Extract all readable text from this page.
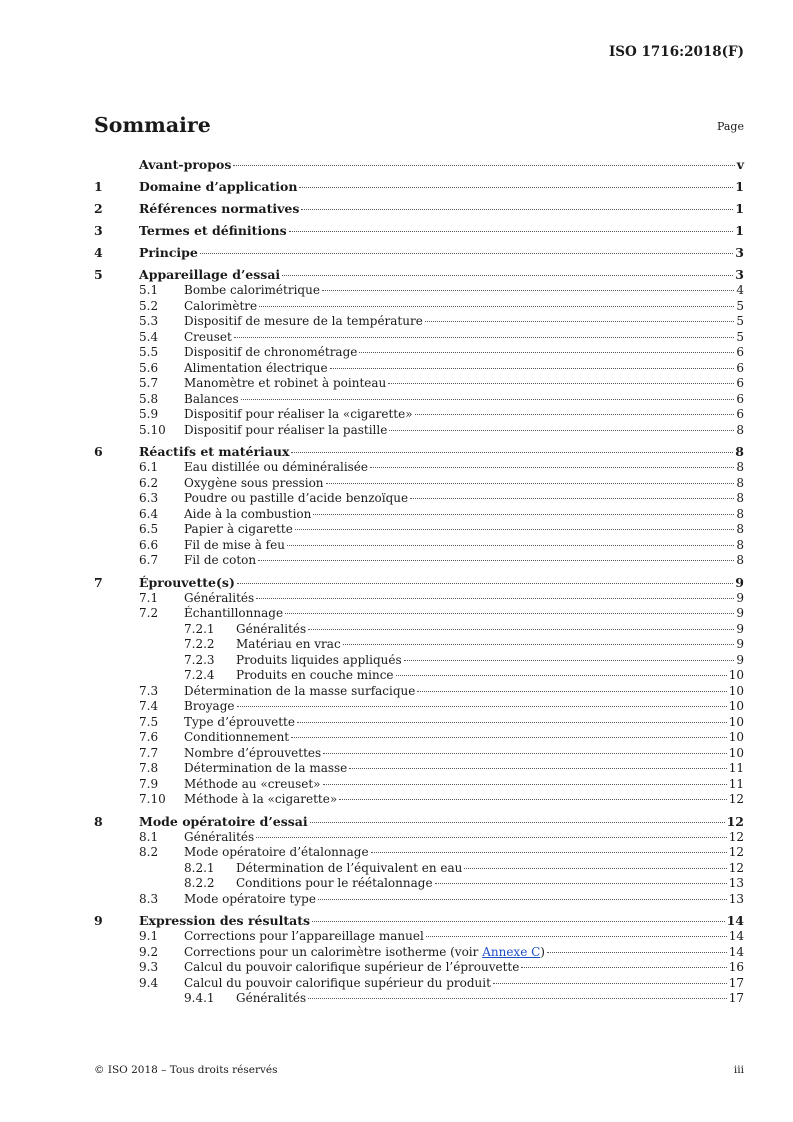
ISO 1716:2018(F)
Sommaire	Page
Avant-propos	v
1	Domaine d’application	1
2	Références normatives	1
3	Termes et définitions	1
4	Principe	3
5	Appareillage d’essai	3
5.1	Bombe calorimétrique	4
5.2	Calorimètre	5
5.3	Dispositif de mesure de la température	5
5.4	Creuset	5
5.5	Dispositif de chronométrage	6
5.6	Alimentation électrique	6
5.7	Manomètre et robinet à pointeau	6
5.8	Balances	6
5.9	Dispositif pour réaliser la «cigarette»	6
5.10	Dispositif pour réaliser la pastille	8
6	Réactifs et matériaux	8
6.1	Eau distillée ou déminéralisée	8
6.2	Oxygène sous pression	8
6.3	Poudre ou pastille d’acide benzoïque	8
6.4	Aide à la combustion	8
6.5	Papier à cigarette	8
6.6	Fil de mise à feu	8
6.7	Fil de coton	8
7	Éprouvette(s)	9
7.1	Généralités	9
7.2	Échantillonnage	9
7.2.1	Généralités	9
7.2.2	Matériau en vrac	9
7.2.3	Produits liquides appliqués	9
7.2.4	Produits en couche mince	10
7.3	Détermination de la masse surfacique	10
7.4	Broyage	10
7.5	Type d’éprouvette	10
7.6	Conditionnement	10
7.7	Nombre d’éprouvettes	10
7.8	Détermination de la masse	11
7.9	Méthode au «creuset»	11
7.10	Méthode à la «cigarette»	12
8	Mode opératoire d’essai	12
8.1	Généralités	12
8.2	Mode opératoire d’étalonnage	12
8.2.1	Détermination de l’équivalent en eau	12
8.2.2	Conditions pour le réétalonnage	13
8.3	Mode opératoire type	13
9	Expression des résultats	14
9.1	Corrections pour l’appareillage manuel	14
9.2	Corrections pour un calorimètre isotherme (voir Annexe C)	14
9.3	Calcul du pouvoir calorifique supérieur de l’éprouvette	16
9.4	Calcul du pouvoir calorifique supérieur du produit	17
9.4.1	Généralités	17
© ISO 2018 – Tous droits réservés	iii
